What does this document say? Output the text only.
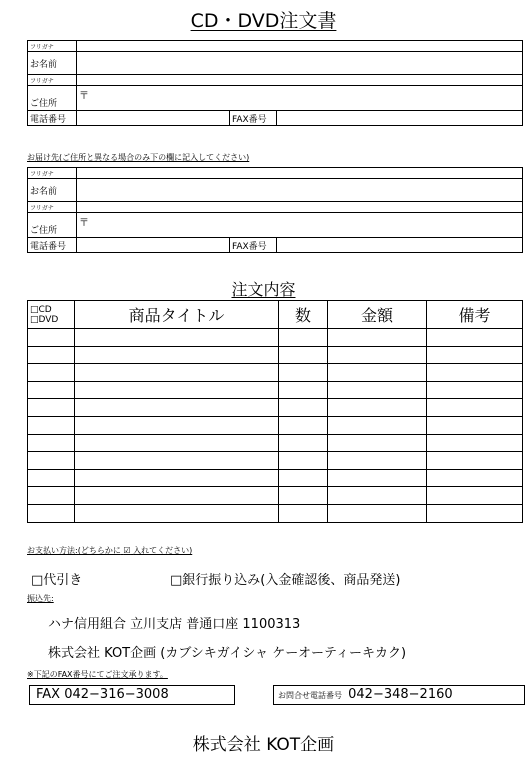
CD・DVD注文書
フリガナ			
お名前			
フリガナ			

ご住所	〒		

電話番号		FAX番号	
お届け先(ご住所と異なる場合のみ下の欄に記入してください)
フリガナ			
お名前			
フリガナ			

ご住所	〒		

電話番号		FAX番号	
注文内容
□CD
□DVD	商品タイトル	数	金額	備考

お支払い方法:(どちらかに ☑ 入れてください)
□代引き	□銀行振り込み(入金確認後、商品発送)
振込先:
ハナ信用組合 立川支店 普通口座 1100313
株式会社 KOT企画 (カブシキガイシャ ケーオーティーキカク)
※下記のFAX番号にてご注文承ります。
FAX 042−316−3008	お問合せ電話番号 042−348−2160
株式会社 KOT企画
